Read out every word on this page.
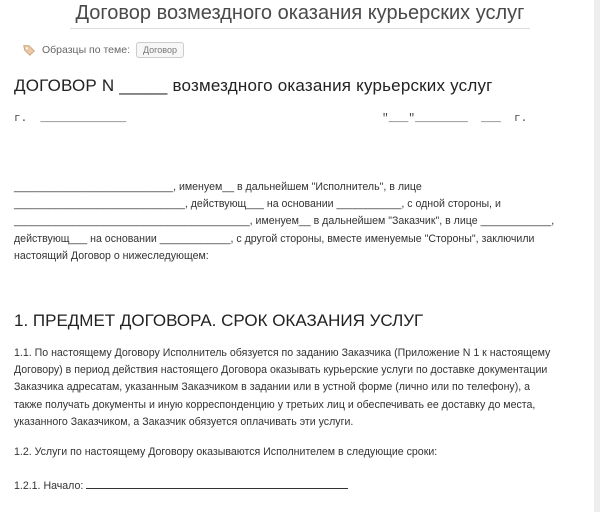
Договор возмездного оказания курьерских услуг
Образцы по теме:	Договор
ДОГОВОР N _____ возмездного оказания курьерских услуг
г. _____________	"___"________  ___  г.

___________________________, именуем__ в дальнейшем "Исполнитель", в лице

_____________________________, действующ___ на основании ___________, с одной стороны, и

________________________________________, именуем__ в дальнейшем "Заказчик", в лице ____________,

действующ___ на основании ____________, с другой стороны, вместе именуемые "Стороны", заключили

настоящий Договор о нижеследующем:

1. ПРЕДМЕТ ДОГОВОРА. СРОК ОКАЗАНИЯ УСЛУГ

1.1. По настоящему Договору Исполнитель обязуется по заданию Заказчика (Приложение N 1 к настоящему

Договору) в период действия настоящего Договора оказывать курьерские услуги по доставке документации

Заказчика адресатам, указанным Заказчиком в задании или в устной форме (лично или по телефону), а

также получать документы и иную корреспонденцию у третьих лиц и обеспечивать ее доставку до места,

указанного Заказчиком, а Заказчик обязуется оплачивать эти услуги.

1.2. Услуги по настоящему Договору оказываются Исполнителем в следующие сроки:

1.2.1. Начало:
